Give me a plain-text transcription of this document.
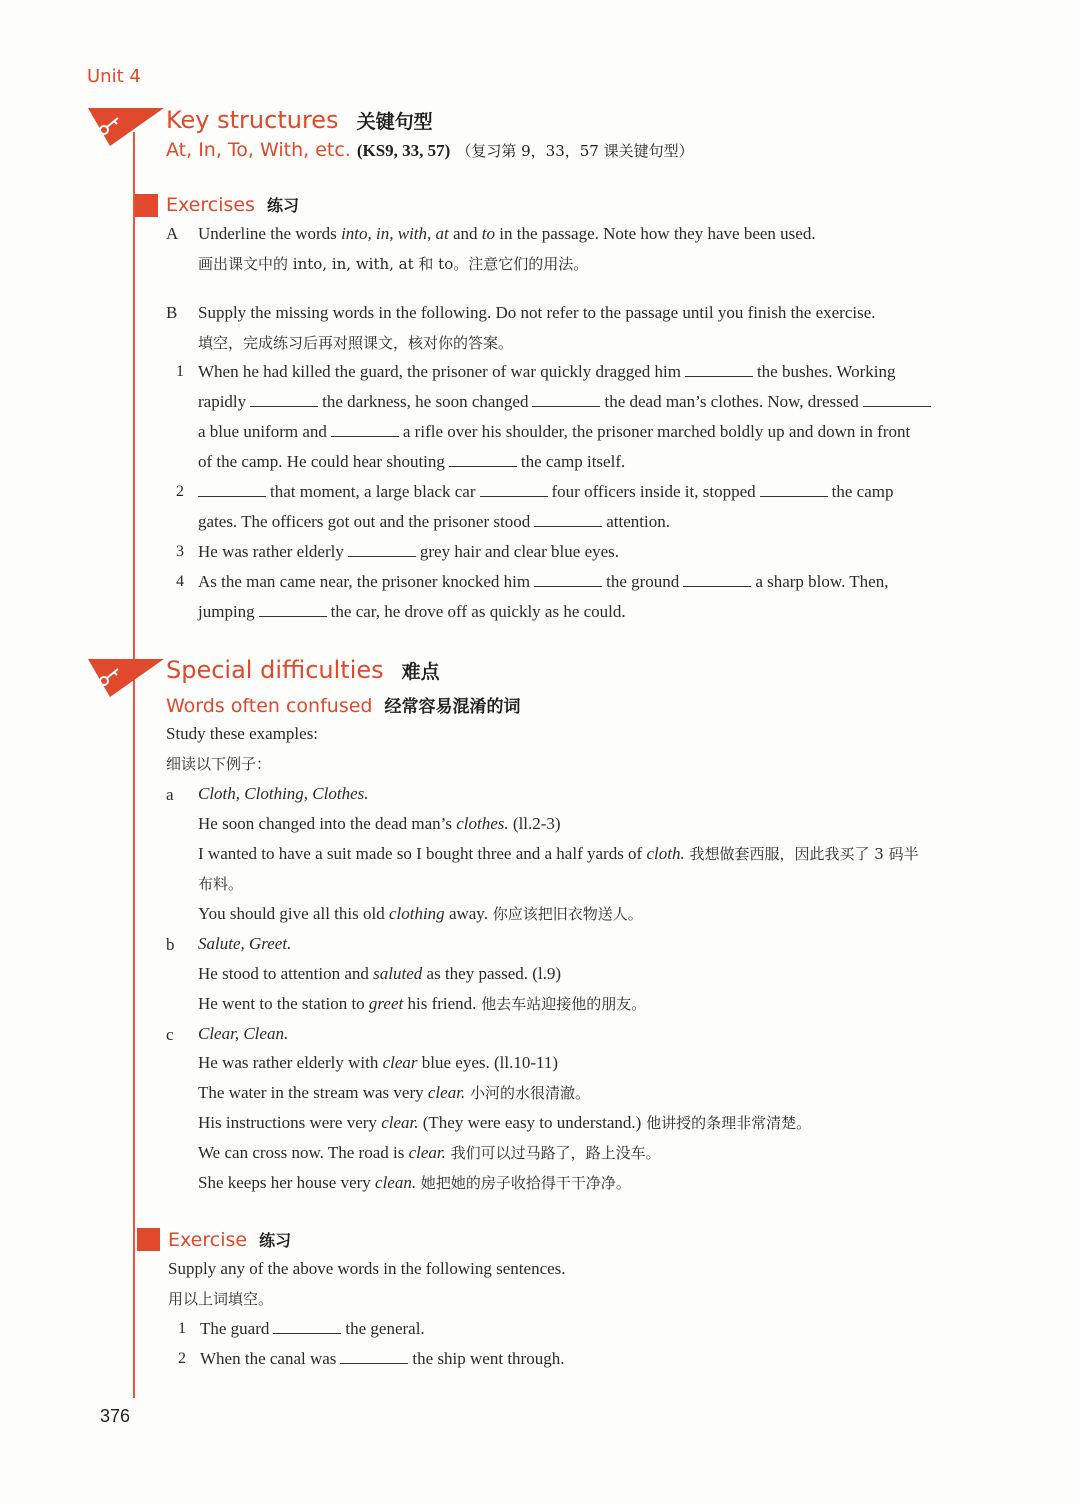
Unit 4
Key structures 关键句型
At, In, To, With, etc. (KS9, 33, 57) （复习第 9，33，57 课关键句型）
Exercises 练习
A Underline the words into, in, with, at and to in the passage. Note how they have been used.
画出课文中的 into, in, with, at 和 to。注意它们的用法。
B Supply the missing words in the following. Do not refer to the passage until you finish the exercise.
填空，完成练习后再对照课文，核对你的答案。
1 When he had killed the guard, the prisoner of war quickly dragged him	the bushes. Working
rapidly	the darkness, he soon changed	the dead man’s clothes. Now, dressed
a blue uniform and	a rifle over his shoulder, the prisoner marched boldly up and down in front
of the camp. He could hear shouting	the camp itself.
2	that moment, a large black car	four officers inside it, stopped	the camp
gates. The officers got out and the prisoner stood	attention.
3 He was rather elderly	grey hair and clear blue eyes.
4 As the man came near, the prisoner knocked him	the ground	a sharp blow. Then,
jumping	the car, he drove off as quickly as he could.
Special difficulties 难点
Words often confused 经常容易混淆的词
Study these examples:
细读以下例子：
a Cloth, Clothing, Clothes.
He soon changed into the dead man’s clothes. (ll.2-3)
I wanted to have a suit made so I bought three and a half yards of cloth. 我想做套西服，因此我买了 3 码半
布料。
You should give all this old clothing away. 你应该把旧衣物送人。
b Salute, Greet.
He stood to attention and saluted as they passed. (l.9)
He went to the station to greet his friend. 他去车站迎接他的朋友。
c Clear, Clean.
He was rather elderly with clear blue eyes. (ll.10-11)
The water in the stream was very clear. 小河的水很清澈。
His instructions were very clear. (They were easy to understand.) 他讲授的条理非常清楚。
We can cross now. The road is clear. 我们可以过马路了，路上没车。
She keeps her house very clean. 她把她的房子收拾得干干净净。
Exercise 练习
Supply any of the above words in the following sentences.
用以上词填空。
1 The guard	the general.
2 When the canal was	the ship went through.
376
